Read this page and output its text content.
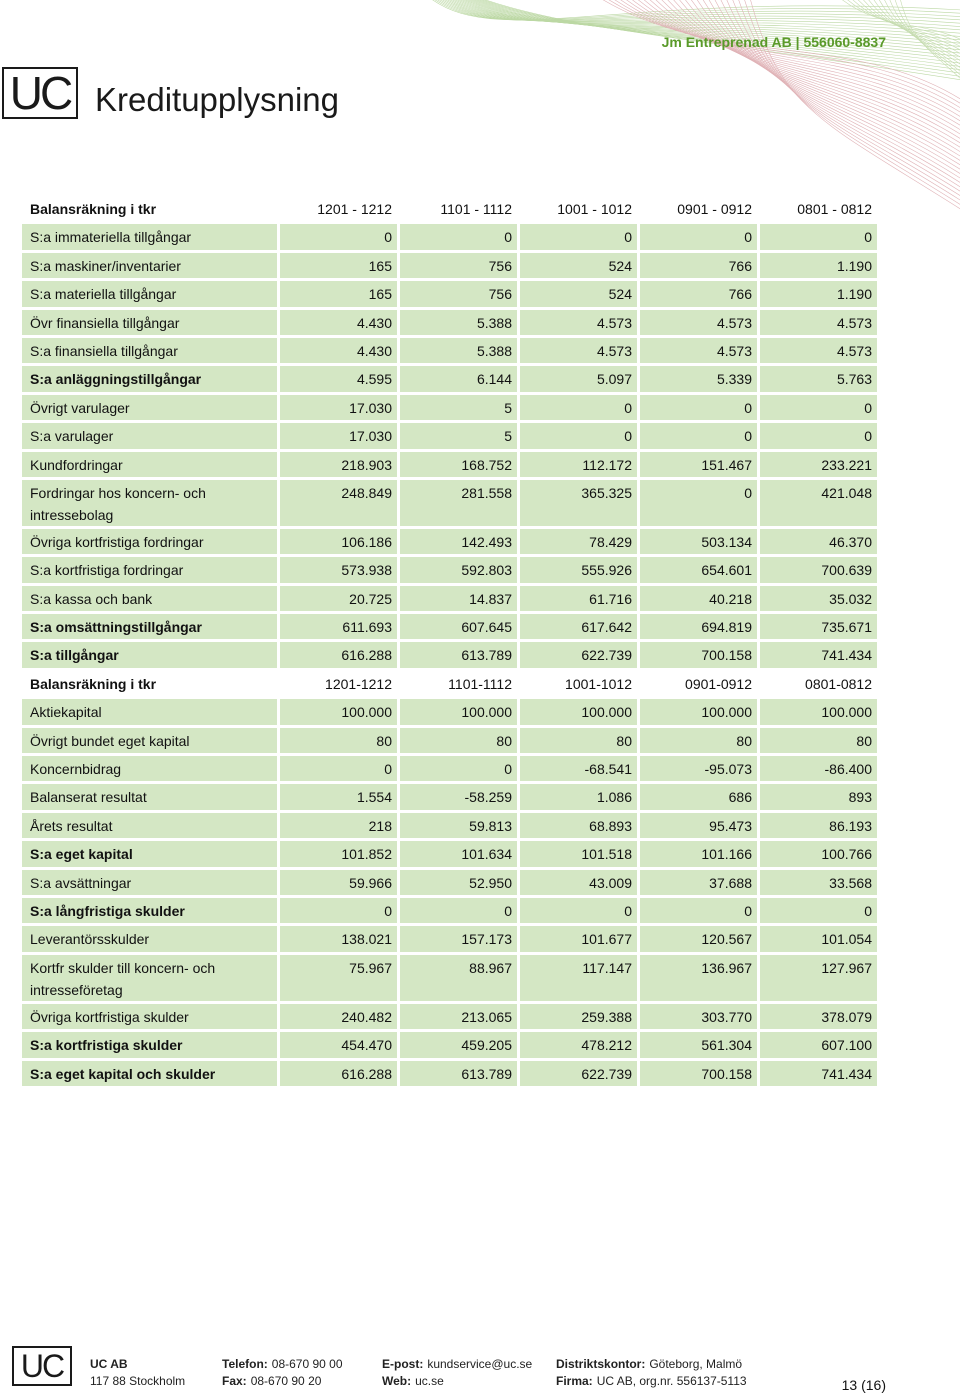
Jm Entreprenad AB | 556060-8837
UC Kreditupplysning
Balansräkning i tkr	1201 - 1212	1101 - 1112	1001 - 1012	0901 - 0912	0801 - 0812
S:a immateriella tillgångar	0	0	0	0	0
S:a maskiner/inventarier	165	756	524	766	1.190
S:a materiella tillgångar	165	756	524	766	1.190
Övr finansiella tillgångar	4.430	5.388	4.573	4.573	4.573
S:a finansiella tillgångar	4.430	5.388	4.573	4.573	4.573
S:a anläggningstillgångar	4.595	6.144	5.097	5.339	5.763
Övrigt varulager	17.030	5	0	0	0
S:a varulager	17.030	5	0	0	0
Kundfordringar	218.903	168.752	112.172	151.467	233.221
Fordringar hos koncern- och
intressebolag	248.849	281.558	365.325	0	421.048
Övriga kortfristiga fordringar	106.186	142.493	78.429	503.134	46.370
S:a kortfristiga fordringar	573.938	592.803	555.926	654.601	700.639
S:a kassa och bank	20.725	14.837	61.716	40.218	35.032
S:a omsättningstillgångar	611.693	607.645	617.642	694.819	735.671
S:a tillgångar	616.288	613.789	622.739	700.158	741.434
Balansräkning i tkr	1201-1212	1101-1112	1001-1012	0901-0912	0801-0812
Aktiekapital	100.000	100.000	100.000	100.000	100.000
Övrigt bundet eget kapital	80	80	80	80	80
Koncernbidrag	0	0	-68.541	-95.073	-86.400
Balanserat resultat	1.554	-58.259	1.086	686	893
Årets resultat	218	59.813	68.893	95.473	86.193
S:a eget kapital	101.852	101.634	101.518	101.166	100.766
S:a avsättningar	59.966	52.950	43.009	37.688	33.568
S:a långfristiga skulder	0	0	0	0	0
Leverantörsskulder	138.021	157.173	101.677	120.567	101.054
Kortfr skulder till koncern- och
intresseföretag	75.967	88.967	117.147	136.967	127.967
Övriga kortfristiga skulder	240.482	213.065	259.388	303.770	378.079
S:a kortfristiga skulder	454.470	459.205	478.212	561.304	607.100
S:a eget kapital och skulder	616.288	613.789	622.739	700.158	741.434
UC	UC AB
117 88 Stockholm
Telefon: 08-670 90 00
Fax: 08-670 90 20
E-post: kundservice@uc.se
Web: uc.se
Distriktskontor: Göteborg, Malmö
Firma: UC AB, org.nr. 556137-5113	13 (16)
